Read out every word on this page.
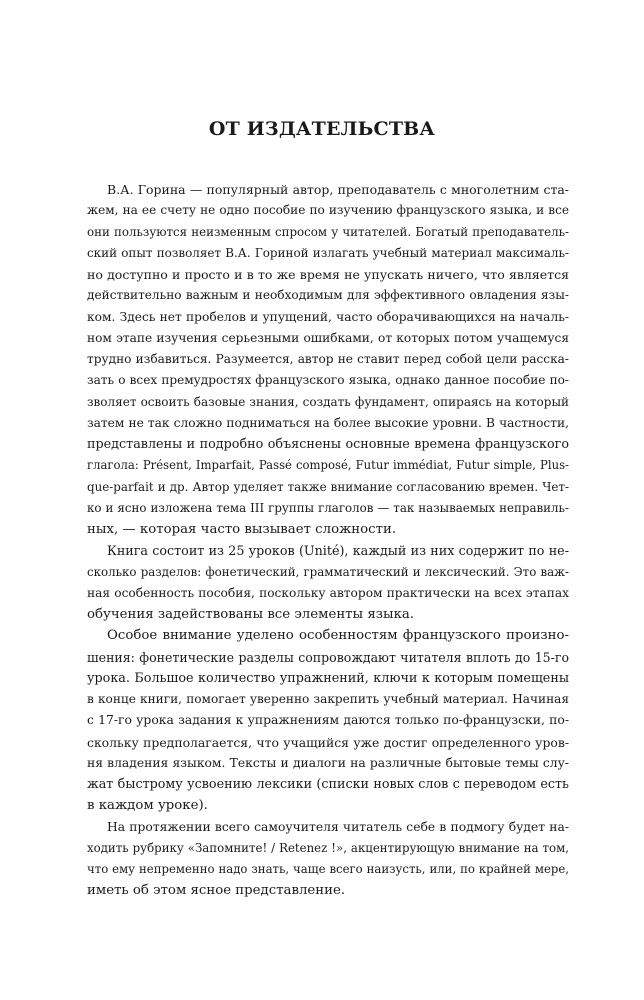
ОТ ИЗДАТЕЛЬСТВА
В.А. Горина — популярный автор, преподаватель с многолетним ста-
жем, на ее счету не одно пособие по изучению французского языка, и все
они пользуются неизменным спросом у читателей. Богатый преподаватель-
ский опыт позволяет В.А. Гориной излагать учебный материал максималь-
но доступно и просто и в то же время не упускать ничего, что является
действительно важным и необходимым для эффективного овладения язы-
ком. Здесь нет пробелов и упущений, часто оборачивающихся на началь-
ном этапе изучения серьезными ошибками, от которых потом учащемуся
трудно избавиться. Разумеется, автор не ставит перед собой цели расска-
зать о всех премудростях французского языка, однако данное пособие по-
зволяет освоить базовые знания, создать фундамент, опираясь на который
затем не так сложно подниматься на более высокие уровни. В частности,
представлены и подробно объяснены основные времена французского
глагола: Présent, Imparfait, Passé composé, Futur immédiat, Futur simple, Plus-
que-parfait и др. Автор уделяет также внимание согласованию времен. Чет-
ко и ясно изложена тема III группы глаголов — так называемых неправиль-
ных, — которая часто вызывает сложности.
Книга состоит из 25 уроков (Unité), каждый из них содержит по не-
сколько разделов: фонетический, грамматический и лексический. Это важ-
ная особенность пособия, поскольку автором практически на всех этапах
обучения задействованы все элементы языка.
Особое внимание уделено особенностям французского произно-
шения: фонетические разделы сопровождают читателя вплоть до 15-го
урока. Большое количество упражнений, ключи к которым помещены
в конце книги, помогает уверенно закрепить учебный материал. Начиная
с 17-го урока задания к упражнениям даются только по-французски, по-
скольку предполагается, что учащийся уже достиг определенного уров-
ня владения языком. Тексты и диалоги на различные бытовые темы слу-
жат быстрому усвоению лексики (списки новых слов с переводом есть
в каждом уроке).
На протяжении всего самоучителя читатель себе в подмогу будет на-
ходить рубрику «Запомните! / Retenez !», акцентирующую внимание на том,
что ему непременно надо знать, чаще всего наизусть, или, по крайней мере,
иметь об этом ясное представление.
